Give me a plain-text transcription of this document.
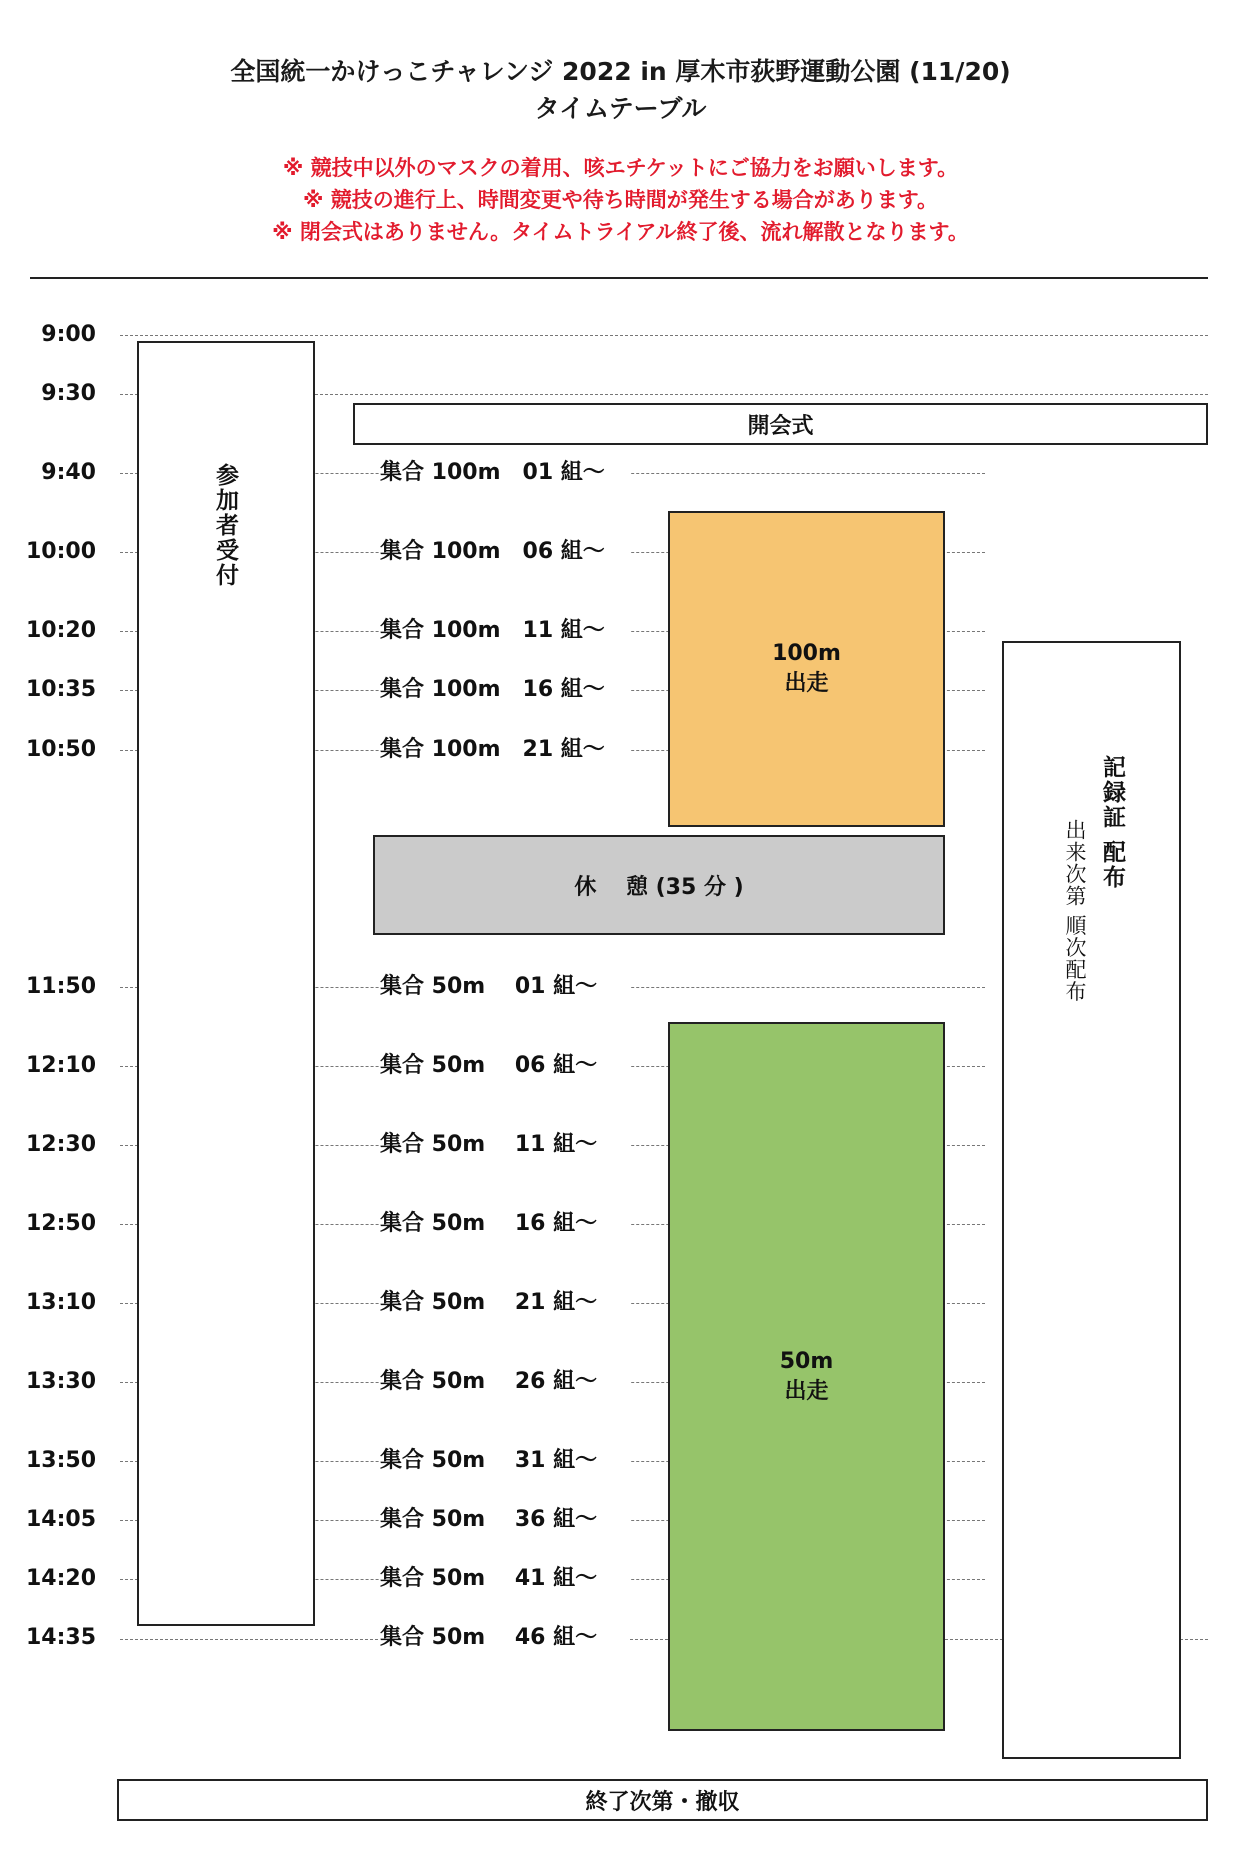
全国統一かけっこチャレンジ 2022 in 厚木市荻野運動公園 (11/20)
タイムテーブル
※ 競技中以外のマスクの着用、咳エチケットにご協力をお願いします。
※ 競技の進行上、時間変更や待ち時間が発生する場合があります。
※ 閉会式はありません。タイムトライアル終了後、流れ解散となります。
9:00
9:30
9:40
10:00
10:20
10:35
10:50
11:50
12:10
12:30
12:50
13:10
13:30
13:50
14:05
14:20
14:35
集合 100m　01 組〜
集合 100m　06 組〜
集合 100m　11 組〜
集合 100m　16 組〜
集合 100m　21 組〜
集合 50m 　01 組〜
集合 50m 　06 組〜
集合 50m 　11 組〜
集合 50m 　16 組〜
集合 50m 　21 組〜
集合 50m 　26 組〜
集合 50m 　31 組〜
集合 50m 　36 組〜
集合 50m 　41 組〜
集合 50m 　46 組〜
参加者受付
開会式
100m
出走
休　 憩 (35 分 )
50m
出走
記録証 配布
出来次第 順次配布
終了次第・撤収
